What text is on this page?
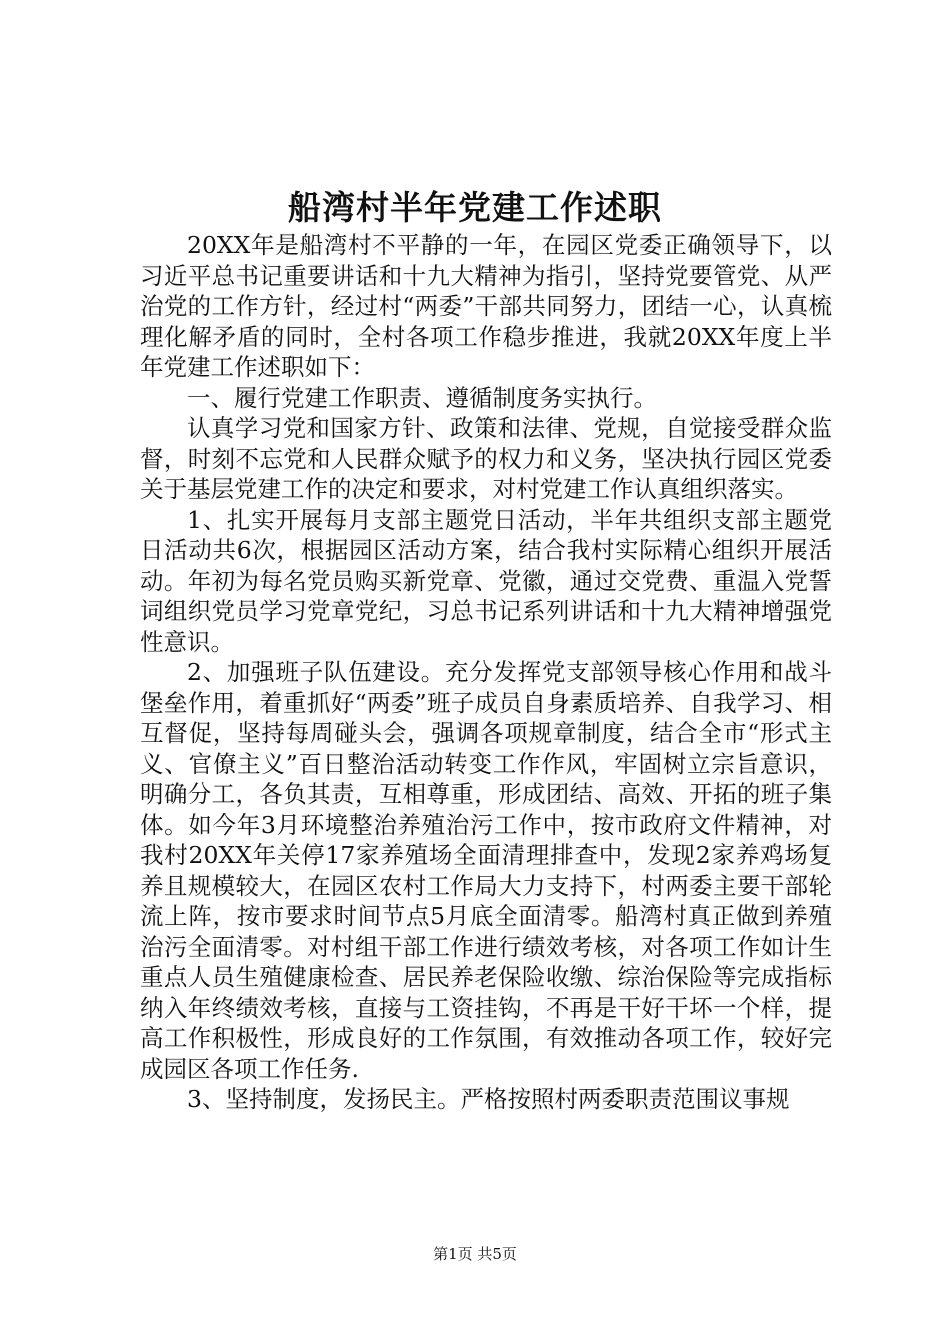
船湾村半年党建工作述职

20XX年是船湾村不平静的一年，在园区党委正确领导下，以习近平总书记重要讲话和十九大精神为指引，坚持党要管党、从严治党的工作方针，经过村“两委”干部共同努力，团结一心，认真梳理化解矛盾的同时，全村各项工作稳步推进，我就20XX年度上半年党建工作述职如下：

一、履行党建工作职责、遵循制度务实执行。

认真学习党和国家方针、政策和法律、党规，自觉接受群众监督，时刻不忘党和人民群众赋予的权力和义务，坚决执行园区党委关于基层党建工作的决定和要求，对村党建工作认真组织落实。

1、扎实开展每月支部主题党日活动，半年共组织支部主题党日活动共6次，根据园区活动方案，结合我村实际精心组织开展活动。年初为每名党员购买新党章、党徽，通过交党费、重温入党誓词组织党员学习党章党纪，习总书记系列讲话和十九大精神增强党性意识。

2、加强班子队伍建设。充分发挥党支部领导核心作用和战斗堡垒作用，着重抓好“两委”班子成员自身素质培养、自我学习、相互督促，坚持每周碰头会，强调各项规章制度，结合全市“形式主义、官僚主义”百日整治活动转变工作作风，牢固树立宗旨意识，明确分工，各负其责，互相尊重，形成团结、高效、开拓的班子集体。如今年3月环境整治养殖治污工作中，按市政府文件精神，对我村20XX年关停17家养殖场全面清理排查中，发现2家养鸡场复养且规模较大，在园区农村工作局大力支持下，村两委主要干部轮流上阵，按市要求时间节点5月底全面清零。船湾村真正做到养殖治污全面清零。对村组干部工作进行绩效考核，对各项工作如计生重点人员生殖健康检查、居民养老保险收缴、综治保险等完成指标纳入年终绩效考核，直接与工资挂钩，不再是干好干坏一个样，提高工作积极性，形成良好的工作氛围，有效推动各项工作，较好完成园区各项工作任务.

3、坚持制度，发扬民主。严格按照村两委职责范围议事规

第1页 共5页
